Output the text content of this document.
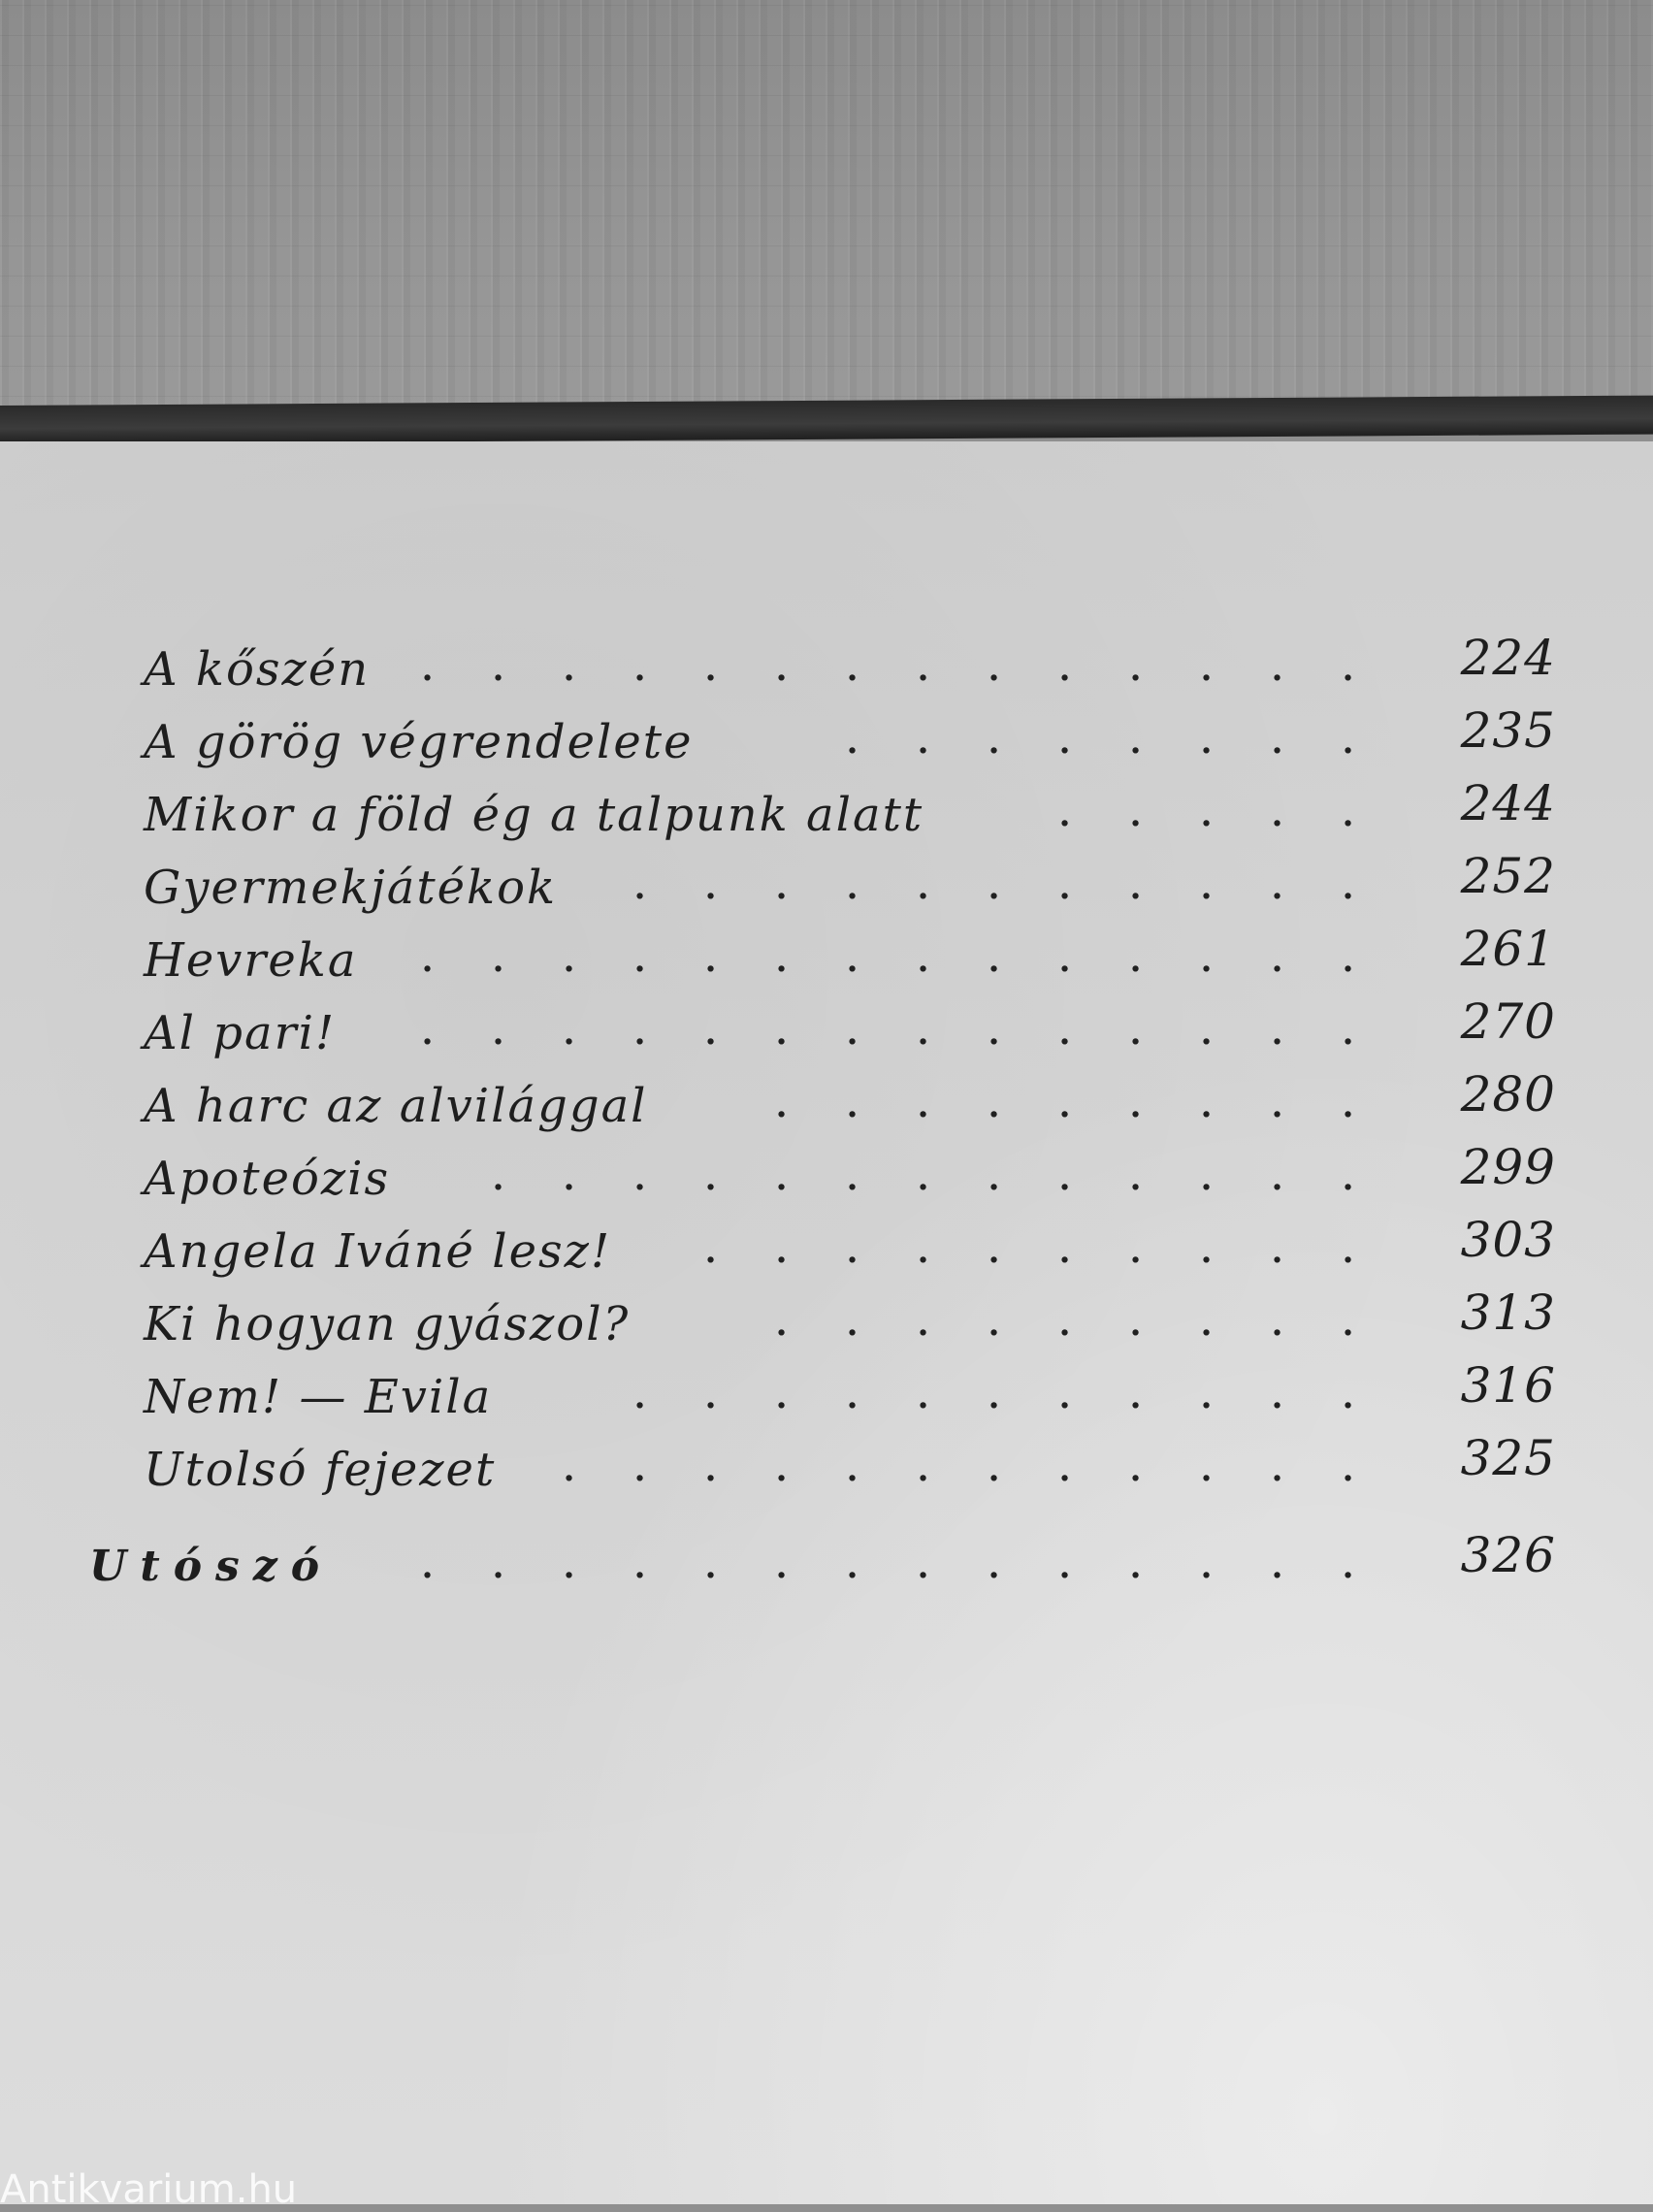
A kőszén	.	.	.	.	.	.	.	.	.	.	.	.	.	.	224
A görög végrendelete	.	.	.	.	.	.	.	.	235
Mikor a föld ég a talpunk alatt	.	.	.	.	.	244
Gyermekjátékok	.	.	.	.	.	.	.	.	.	.	.	252
Hevreka	.	.	.	.	.	.	.	.	.	.	.	.	.	.	261
Al pari!	.	.	.	.	.	.	.	.	.	.	.	.	.	.	270
A harc az alvilággal	.	.	.	.	.	.	.	.	.	280
Apoteózis	.	.	.	.	.	.	.	.	.	.	.	.	.	299
Angela Iváné lesz!	.	.	.	.	.	.	.	.	.	.	303
Ki hogyan gyászol?	.	.	.	.	.	.	.	.	.	313
Nem! — Evila	.	.	.	.	.	.	.	.	.	.	.	316
Utolsó fejezet	.	.	.	.	.	.	.	.	.	.	.	.	325
Utószó	.	.	.	.	.	.	.	.	.	.	.	.	.	.	326
Antikvarium.hu
